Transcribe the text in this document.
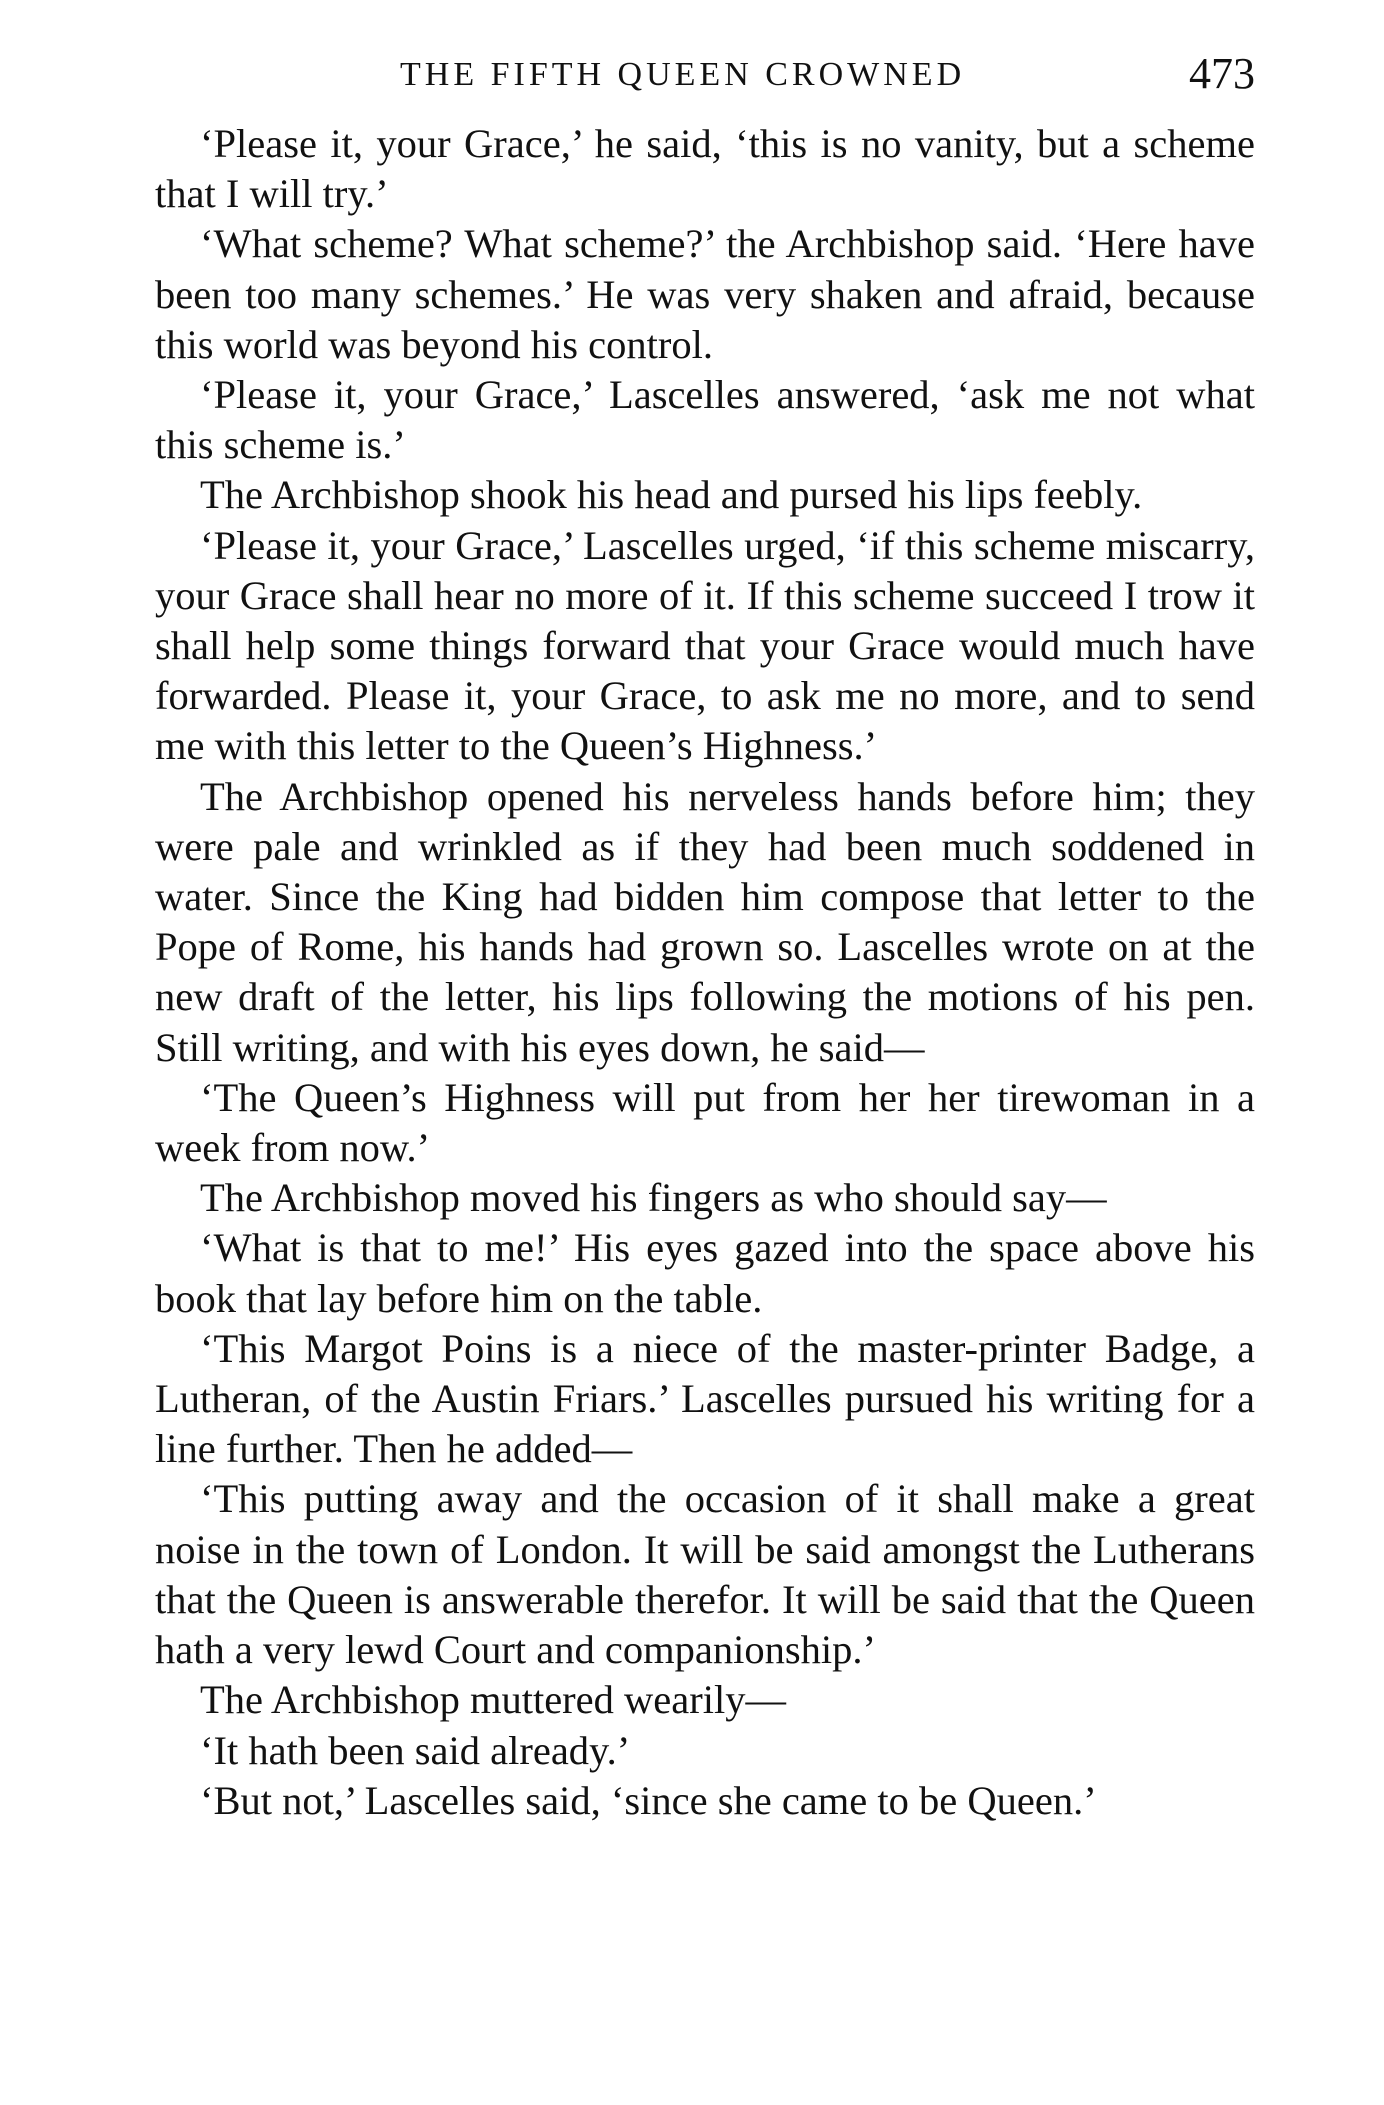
THE FIFTH QUEEN CROWNED	473

‘Please it, your Grace,’ he said, ‘this is no vanity, but a scheme that I will try.’

‘What scheme? What scheme?’ the Archbishop said. ‘Here have been too many schemes.’ He was very shaken and afraid, because this world was beyond his control.

‘Please it, your Grace,’ Lascelles answered, ‘ask me not what this scheme is.’

The Archbishop shook his head and pursed his lips feebly.

‘Please it, your Grace,’ Lascelles urged, ‘if this scheme miscarry, your Grace shall hear no more of it. If this scheme succeed I trow it shall help some things forward that your Grace would much have forwarded. Please it, your Grace, to ask me no more, and to send me with this letter to the Queen’s Highness.’

The Archbishop opened his nerveless hands before him; they were pale and wrinkled as if they had been much soddened in water. Since the King had bidden him compose that letter to the Pope of Rome, his hands had grown so. Lascelles wrote on at the new draft of the letter, his lips following the motions of his pen. Still writing, and with his eyes down, he said—

‘The Queen’s Highness will put from her her tirewoman in a week from now.’

The Archbishop moved his fingers as who should say—

‘What is that to me!’ His eyes gazed into the space above his book that lay before him on the table.

‘This Margot Poins is a niece of the master-printer Badge, a Lutheran, of the Austin Friars.’ Lascelles pursued his writing for a line further. Then he added—

‘This putting away and the occasion of it shall make a great noise in the town of London. It will be said amongst the Lutherans that the Queen is answerable therefor. It will be said that the Queen hath a very lewd Court and companionship.’

The Archbishop muttered wearily—

‘It hath been said already.’

‘But not,’ Lascelles said, ‘since she came to be Queen.’
